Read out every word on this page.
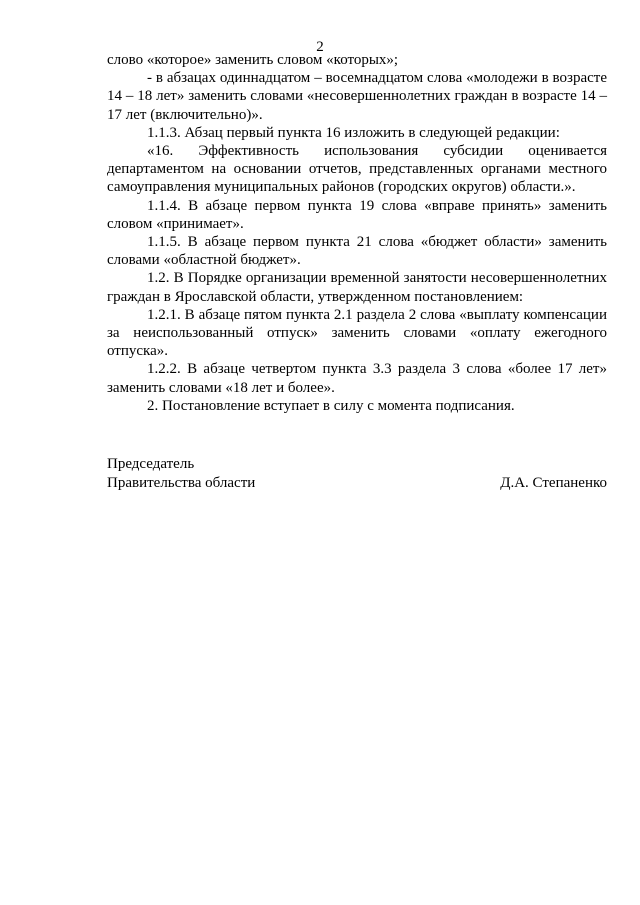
2

слово «которое» заменить словом «которых»;

- в абзацах одиннадцатом – восемнадцатом слова «молодежи в возрасте 14 – 18 лет» заменить словами «несовершеннолетних граждан в возрасте 14 – 17 лет (включительно)».

1.1.3. Абзац первый пункта 16 изложить в следующей редакции:

«16. Эффективность использования субсидии оценивается департаментом на основании отчетов, представленных органами местного самоуправления муниципальных районов (городских округов) области.».

1.1.4. В абзаце первом пункта 19 слова «вправе принять» заменить словом «принимает».

1.1.5. В абзаце первом пункта 21 слова «бюджет области» заменить словами «областной бюджет».

1.2. В Порядке организации временной занятости несовершеннолетних граждан в Ярославской области, утвержденном постановлением:

1.2.1. В абзаце пятом пункта 2.1 раздела 2 слова «выплату компенсации за неиспользованный отпуск» заменить словами «оплату ежегодного отпуска».

1.2.2. В абзаце четвертом пункта 3.3 раздела 3 слова «более 17 лет» заменить словами «18 лет и более».

2. Постановление вступает в силу с момента подписания.

Председатель
Правительства области	Д.А. Степаненко
